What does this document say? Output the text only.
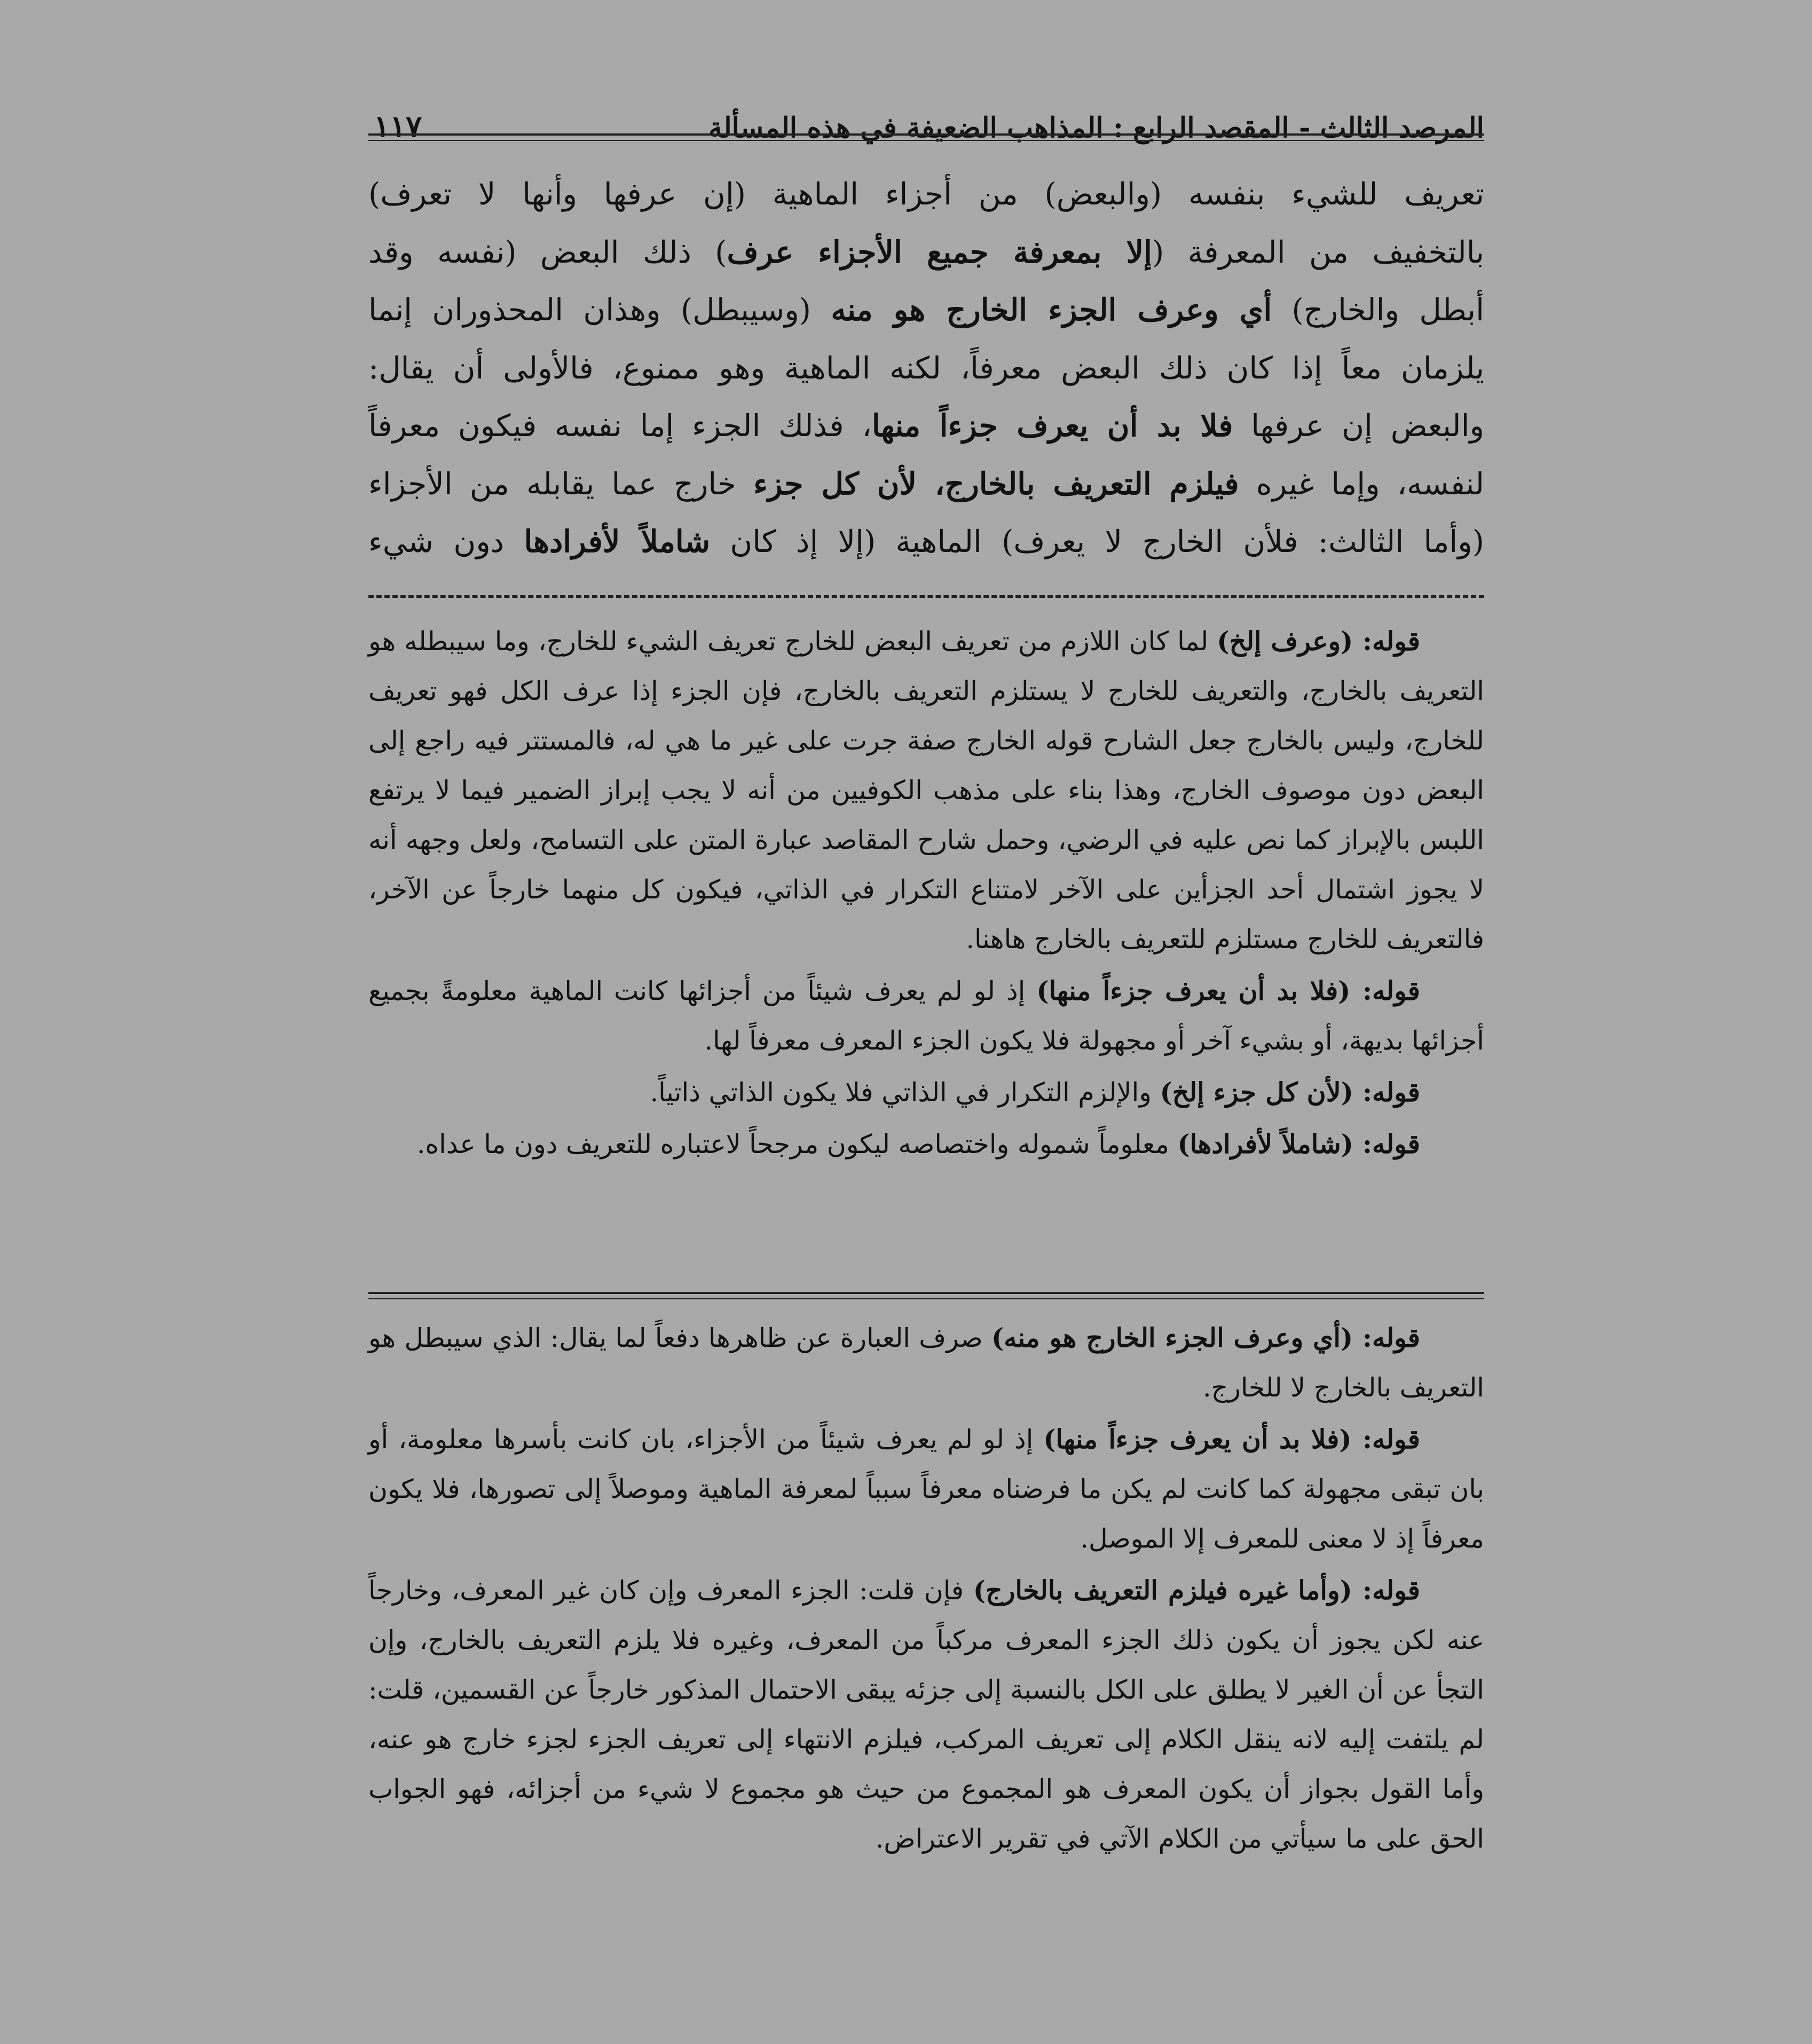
المرصد الثالث - المقصد الرابع : المذاهب الضعيفة في هذه المسألة
١١٧

تعريف للشيء بنفسه (والبعض) من أجزاء الماهية (إن عرفها وأنها لا تعرف)

بالتخفيف من المعرفة (إلا بمعرفة جميع الأجزاء عرف) ذلك البعض (نفسه وقد

أبطل والخارج) أي وعرف الجزء الخارج هو منه (وسيبطل) وهذان المحذوران إنما

يلزمان معاً إذا كان ذلك البعض معرفاً، لكنه الماهية وهو ممنوع، فالأولى أن يقال:

والبعض إن عرفها فلا بد أن يعرف جزءاً منها، فذلك الجزء إما نفسه فيكون معرفاً

لنفسه، وإما غيره فيلزم التعريف بالخارج، لأن كل جزء خارج عما يقابله من الأجزاء

(وأما الثالث: فلأن الخارج لا يعرف) الماهية (إلا إذ كان شاملاً لأفرادها دون شيء

قوله: (وعرف إلخ) لما كان اللازم من تعريف البعض للخارج تعريف الشيء للخارج، وما سيبطله هو التعريف بالخارج، والتعريف للخارج لا يستلزم التعريف بالخارج، فإن الجزء إذا عرف الكل فهو تعريف للخارج، وليس بالخارج جعل الشارح قوله الخارج صفة جرت على غير ما هي له، فالمستتر فيه راجع إلى البعض دون موصوف الخارج، وهذا بناء على مذهب الكوفيين من أنه لا يجب إبراز الضمير فيما لا يرتفع اللبس بالإبراز كما نص عليه في الرضي، وحمل شارح المقاصد عبارة المتن على التسامح، ولعل وجهه أنه لا يجوز اشتمال أحد الجزأين على الآخر لامتناع التكرار في الذاتي، فيكون كل منهما خارجاً عن الآخر، فالتعريف للخارج مستلزم للتعريف بالخارج هاهنا.

قوله: (فلا بد أن يعرف جزءاً منها) إذ لو لم يعرف شيئاً من أجزائها كانت الماهية معلومةً بجميع أجزائها بديهة، أو بشيء آخر أو مجهولة فلا يكون الجزء المعرف معرفاً لها.

قوله: (لأن كل جزء إلخ) والإلزم التكرار في الذاتي فلا يكون الذاتي ذاتياً.

قوله: (شاملاً لأفرادها) معلوماً شموله واختصاصه ليكون مرجحاً لاعتباره للتعريف دون ما عداه.

قوله: (أي وعرف الجزء الخارج هو منه) صرف العبارة عن ظاهرها دفعاً لما يقال: الذي سيبطل هو التعريف بالخارج لا للخارج.

قوله: (فلا بد أن يعرف جزءاً منها) إذ لو لم يعرف شيئاً من الأجزاء، بان كانت بأسرها معلومة، أو بان تبقى مجهولة كما كانت لم يكن ما فرضناه معرفاً سبباً لمعرفة الماهية وموصلاً إلى تصورها، فلا يكون معرفاً إذ لا معنى للمعرف إلا الموصل.

قوله: (وأما غيره فيلزم التعريف بالخارج) فإن قلت: الجزء المعرف وإن كان غير المعرف، وخارجاً عنه لكن يجوز أن يكون ذلك الجزء المعرف مركباً من المعرف، وغيره فلا يلزم التعريف بالخارج، وإن التجأ عن أن الغير لا يطلق على الكل بالنسبة إلى جزئه يبقى الاحتمال المذكور خارجاً عن القسمين، قلت: لم يلتفت إليه لانه ينقل الكلام إلى تعريف المركب، فيلزم الانتهاء إلى تعريف الجزء لجزء خارج هو عنه، وأما القول بجواز أن يكون المعرف هو المجموع من حيث هو مجموع لا شيء من أجزائه، فهو الجواب الحق على ما سيأتي من الكلام الآتي في تقرير الاعتراض.
